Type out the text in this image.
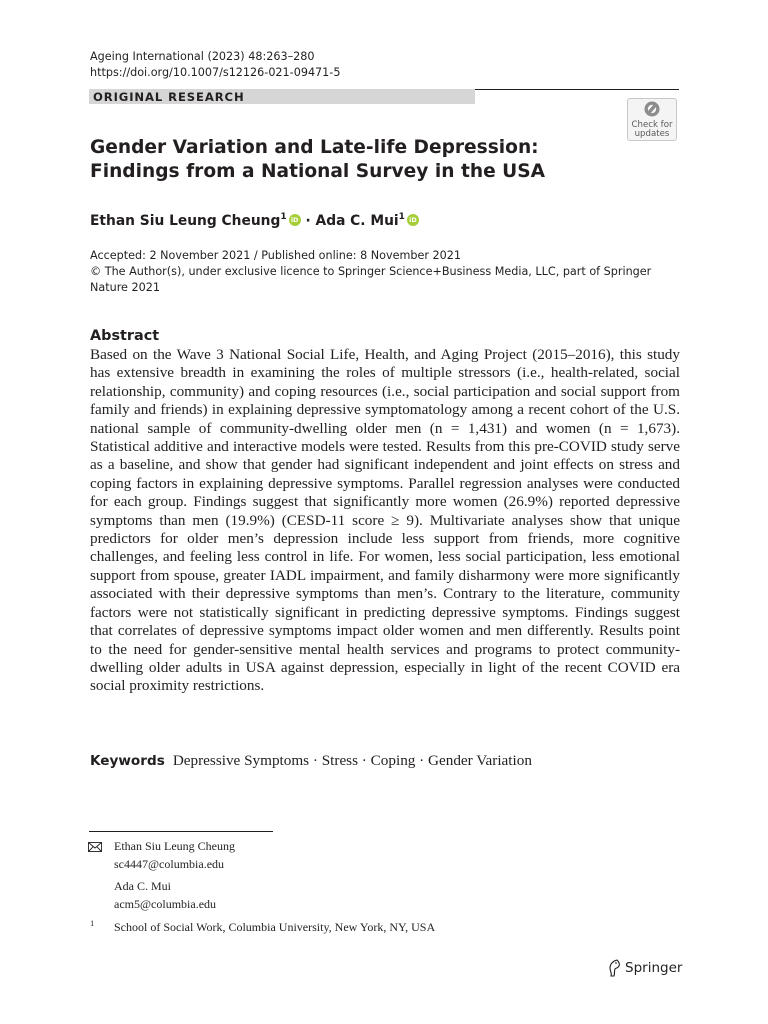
Ageing International (2023) 48:263–280
https://doi.org/10.1007/s12126-021-09471-5
ORIGINAL RESEARCH
Check for
updates
Gender Variation and Late-life Depression: Findings from a National Survey in the USA
Ethan Siu Leung Cheung$^1$iD · Ada C. Mui$^1$iD
Accepted: 2 November 2021 / Published online: 8 November 2021
© The Author(s), under exclusive licence to Springer Science+Business Media, LLC, part of Springer Nature 2021
Abstract
Based on the Wave 3 National Social Life, Health, and Aging Project (2015–2016), this study has extensive breadth in examining the roles of multiple stressors (i.e., health-related, social relationship, community) and coping resources (i.e., social participation and social support from family and friends) in explaining depressive symptomatology among a recent cohort of the U.S. national sample of community-dwelling older men (n = 1,431) and women (n = 1,673). Statistical additive and interactive models were tested. Results from this pre-COVID study serve as a baseline, and show that gender had significant independent and joint effects on stress and coping factors in explaining depressive symptoms. Parallel regression analyses were conducted for each group. Findings suggest that significantly more women (26.9%) reported depressive symptoms than men (19.9%) (CESD-11 score ≥ 9). Multivariate analyses show that unique predictors for older men’s depression include less support from friends, more cognitive challenges, and feeling less control in life. For women, less social participation, less emotional support from spouse, greater IADL impairment, and family disharmony were more significantly associated with their depressive symptoms than men’s. Contrary to the literature, community factors were not statistically significant in predicting depressive symptoms. Findings suggest that correlates of depressive symptoms impact older women and men differently. Results point to the need for gender-sensitive mental health services and programs to protect community-dwelling older adults in USA against depression, especially in light of the recent COVID era social proximity restrictions.
Keywords Depressive Symptoms · Stress · Coping · Gender Variation
Ethan Siu Leung Cheung
sc4447@columbia.edu
Ada C. Mui
acm5@columbia.edu
1 School of Social Work, Columbia University, New York, NY, USA
Springer
